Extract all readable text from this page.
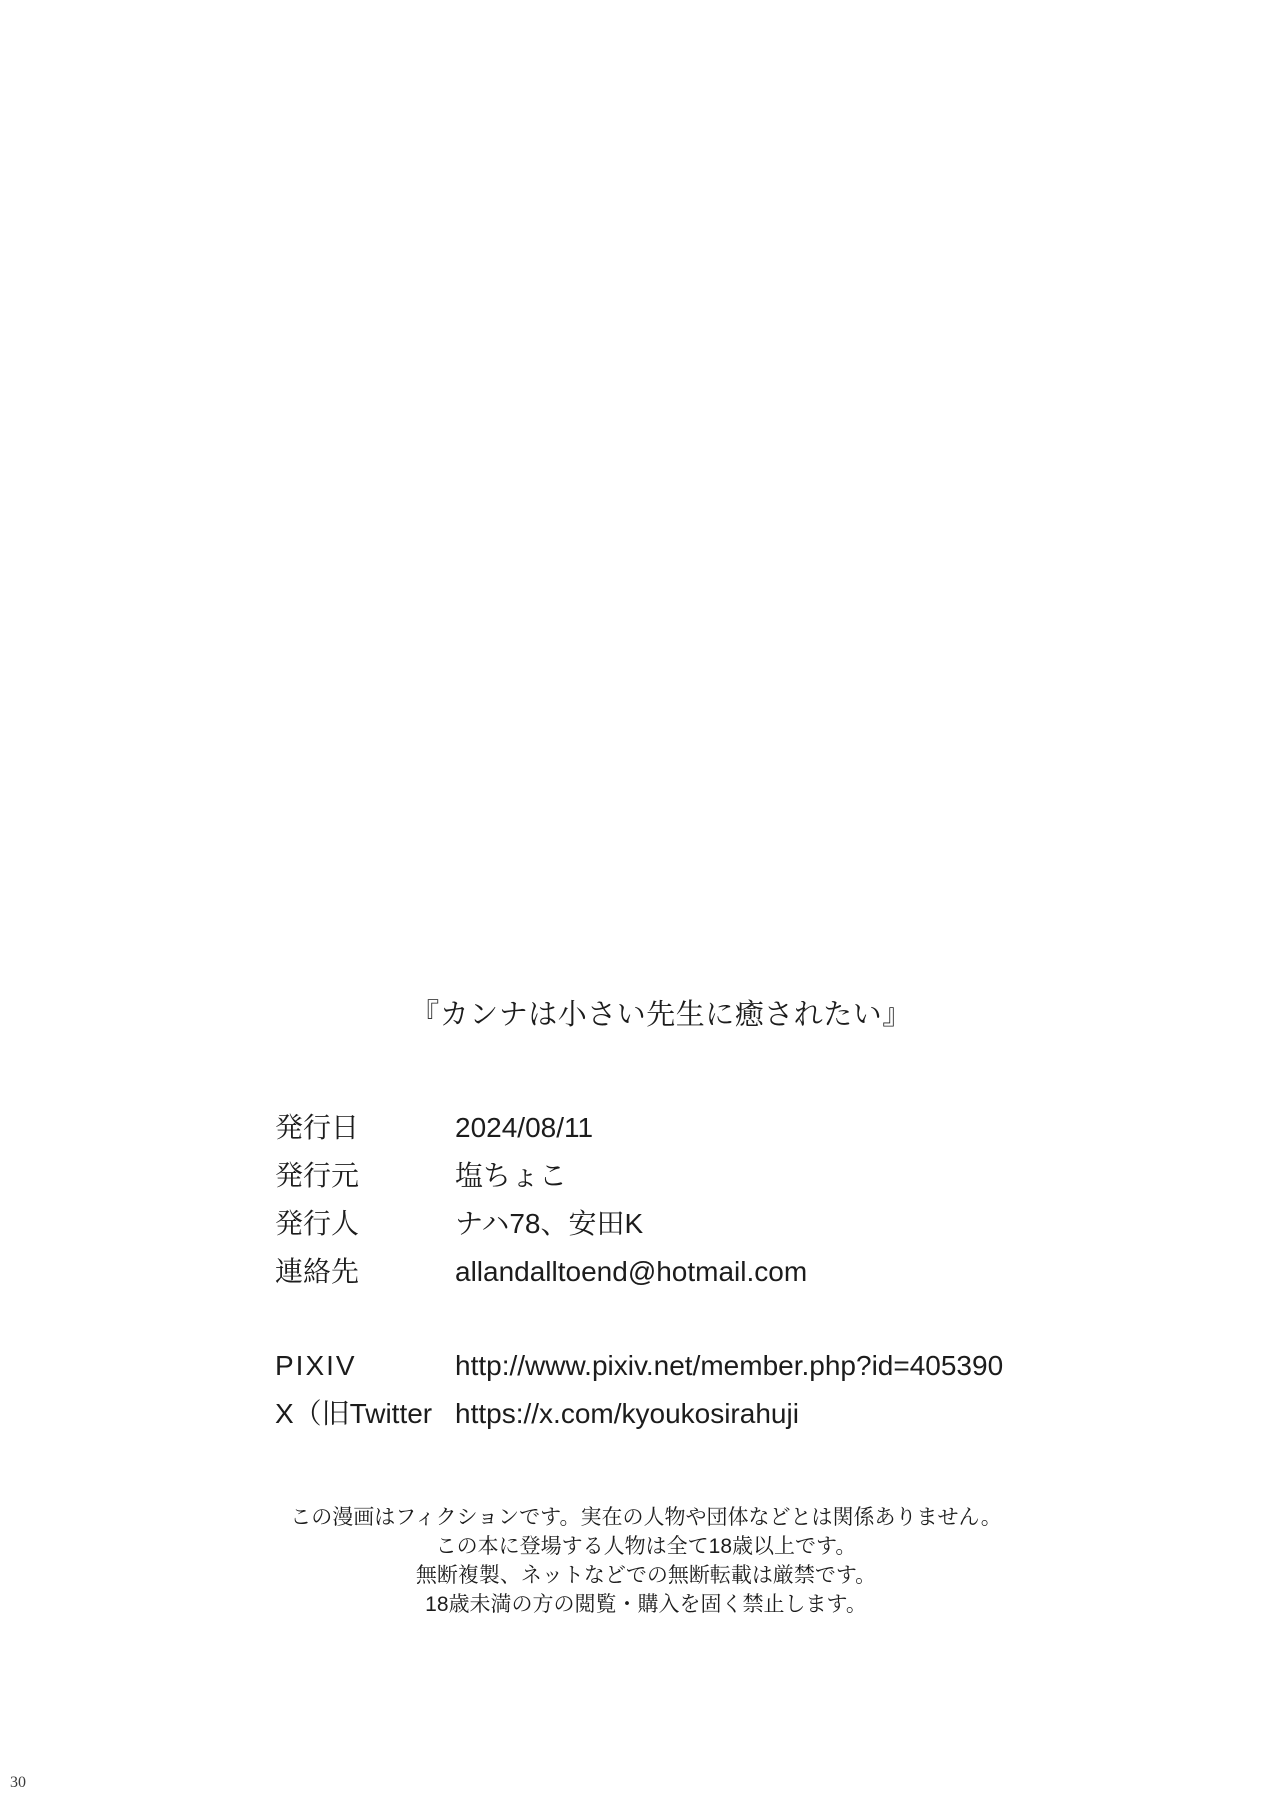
『カンナは小さい先生に癒されたい』
発行日	2024/08/11
発行元	塩ちょこ
発行人	ナハ78、安田K
連絡先	allandalltoend@hotmail.com
PIXIV	http://www.pixiv.net/member.php?id=405390
X（旧Twitter https://x.com/kyoukosirahuji
この漫画はフィクションです。実在の人物や団体などとは関係ありません。
この本に登場する人物は全て18歳以上です。
無断複製、ネットなどでの無断転載は厳禁です。
18歳未満の方の閲覧・購入を固く禁止します。
30
